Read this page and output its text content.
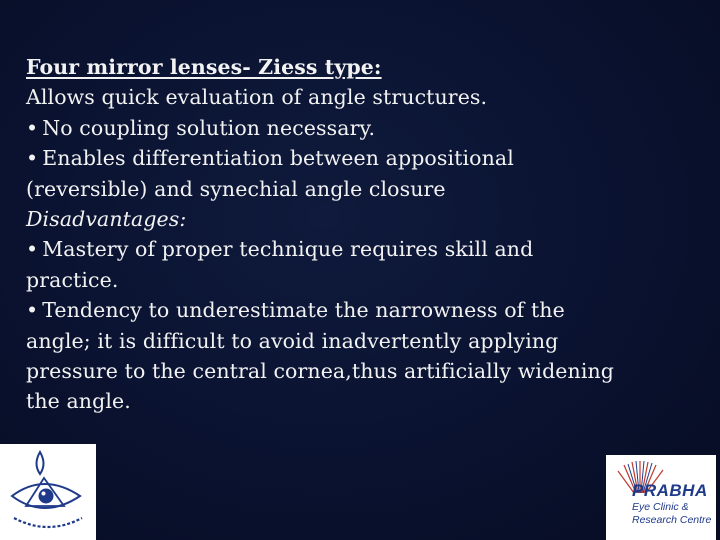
Four mirror lenses- Ziess type:
Allows quick evaluation of angle structures.
• No coupling solution necessary.
• Enables differentiation between appositional
(reversible) and synechial angle closure
Disadvantages:
• Mastery of proper technique requires skill and
practice.
• Tendency to underestimate the narrowness of the
angle; it is difficult to avoid inadvertently applying
pressure to the central cornea,thus artificially widening
the angle.
PRABHA
Eye Clinic &
Research Centre
